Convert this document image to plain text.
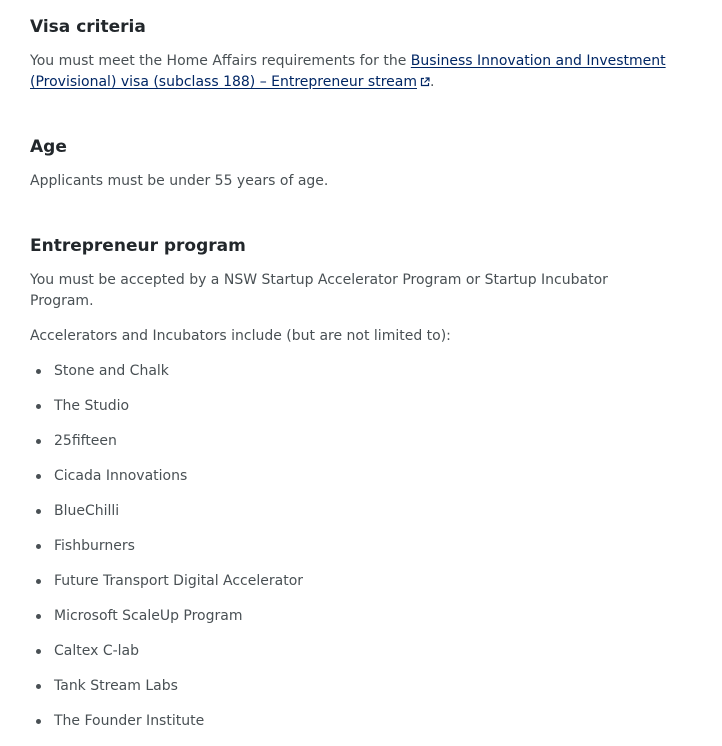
Visa criteria

You must meet the Home Affairs requirements for the Business Innovation and Investment (Provisional) visa (subclass 188) – Entrepreneur stream .

Age

Applicants must be under 55 years of age.

Entrepreneur program

You must be accepted by a NSW Startup Accelerator Program or Startup Incubator Program.

Accelerators and Incubators include (but are not limited to):

Stone and Chalk
The Studio
25fifteen
Cicada Innovations
BlueChilli
Fishburners
Future Transport Digital Accelerator
Microsoft ScaleUp Program
Caltex C-lab
Tank Stream Labs
The Founder Institute
